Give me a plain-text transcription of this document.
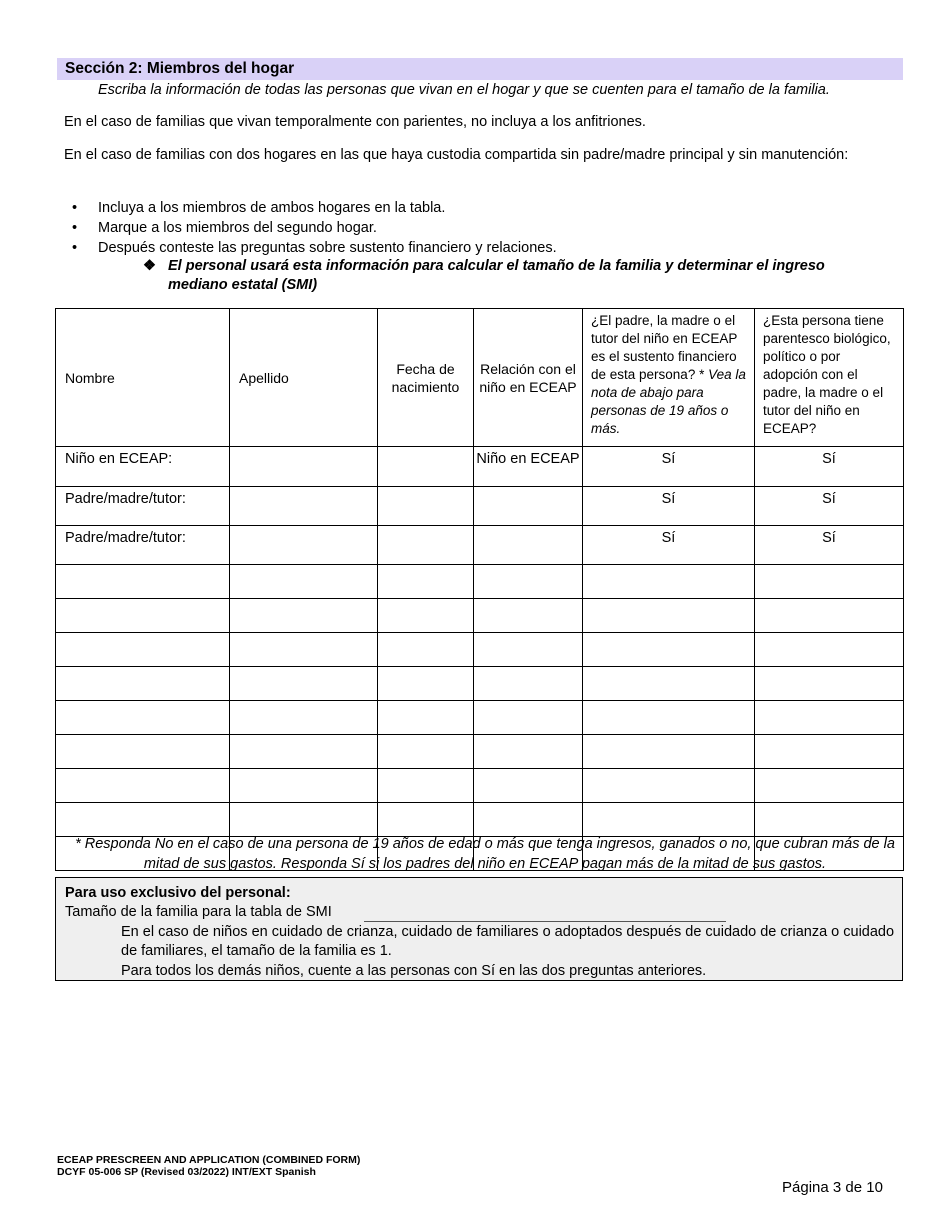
Sección 2: Miembros del hogar
Escriba la información de todas las personas que vivan en el hogar y que se cuenten para el tamaño de la familia.
En el caso de familias que vivan temporalmente con parientes, no incluya a los anfitriones.
En el caso de familias con dos hogares en las que haya custodia compartida sin padre/madre principal y sin manutención:
• Incluya a los miembros de ambos hogares en la tabla.
• Marque a los miembros del segundo hogar.
• Después conteste las preguntas sobre sustento financiero y relaciones.
❖ El personal usará esta información para calcular el tamaño de la familia y determinar el ingreso mediano estatal (SMI)
Nombre	Apellido	Fecha de nacimiento	Relación con el niño en ECEAP	¿El padre, la madre o el tutor del niño en ECEAP es el sustento financiero de esta persona? * Vea la nota de abajo para personas de 19 años o más.	¿Esta persona tiene parentesco biológico, político o por adopción con el padre, la madre o el tutor del niño en ECEAP?
Niño en ECEAP:			Niño en ECEAP	Sí	Sí
Padre/madre/tutor:				Sí	Sí
Padre/madre/tutor:				Sí	Sí

* Responda No en el caso de una persona de 19 años de edad o más que tenga ingresos, ganados o no, que cubran más de la mitad de sus gastos. Responda Sí si los padres del niño en ECEAP pagan más de la mitad de sus gastos.
Para uso exclusivo del personal:
Tamaño de la familia para la tabla de SMI
En el caso de niños en cuidado de crianza, cuidado de familiares o adoptados después de cuidado de crianza o cuidado de familiares, el tamaño de la familia es 1.
Para todos los demás niños, cuente a las personas con Sí en las dos preguntas anteriores.
ECEAP PRESCREEN AND APPLICATION (COMBINED FORM)
DCYF 05-006 SP (Revised 03/2022) INT/EXT Spanish
Página 3 de 10
